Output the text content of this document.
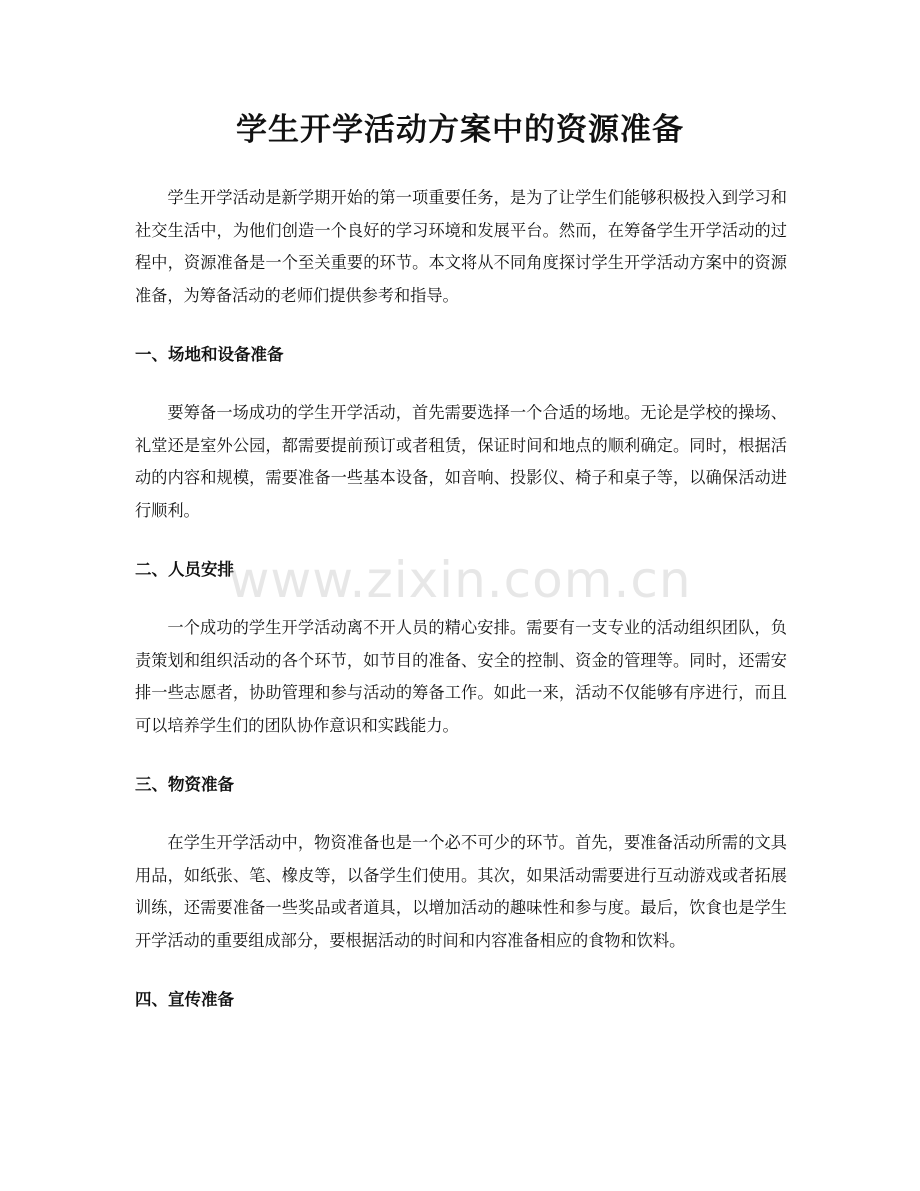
学生开学活动方案中的资源准备

学生开学活动是新学期开始的第一项重要任务，是为了让学生们能够积极投入到学习和社交生活中，为他们创造一个良好的学习环境和发展平台。然而，在筹备学生开学活动的过程中，资源准备是一个至关重要的环节。本文将从不同角度探讨学生开学活动方案中的资源准备，为筹备活动的老师们提供参考和指导。

一、场地和设备准备

要筹备一场成功的学生开学活动，首先需要选择一个合适的场地。无论是学校的操场、礼堂还是室外公园，都需要提前预订或者租赁，保证时间和地点的顺利确定。同时，根据活动的内容和规模，需要准备一些基本设备，如音响、投影仪、椅子和桌子等，以确保活动进行顺利。

二、人员安排

一个成功的学生开学活动离不开人员的精心安排。需要有一支专业的活动组织团队，负责策划和组织活动的各个环节，如节目的准备、安全的控制、资金的管理等。同时，还需安排一些志愿者，协助管理和参与活动的筹备工作。如此一来，活动不仅能够有序进行，而且可以培养学生们的团队协作意识和实践能力。

三、物资准备

在学生开学活动中，物资准备也是一个必不可少的环节。首先，要准备活动所需的文具用品，如纸张、笔、橡皮等，以备学生们使用。其次，如果活动需要进行互动游戏或者拓展训练，还需要准备一些奖品或者道具，以增加活动的趣味性和参与度。最后，饮食也是学生开学活动的重要组成部分，要根据活动的时间和内容准备相应的食物和饮料。

四、宣传准备
www.zixin.com.cn
